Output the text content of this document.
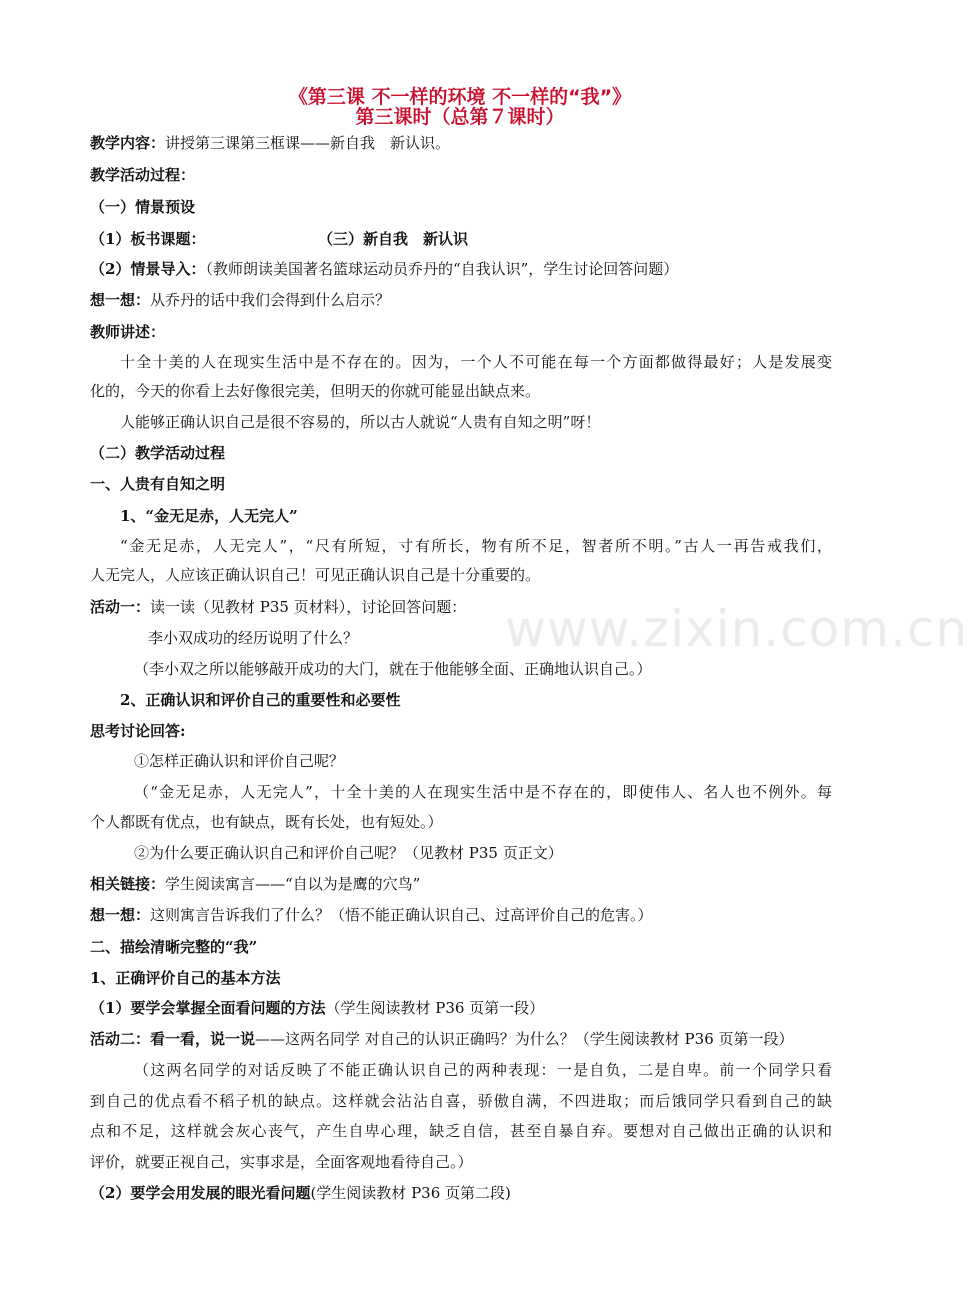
《第三课 不一样的环境 不一样的“我”》
第三课时（总第７课时）
教学内容：讲授第三课第三框课——新自我　新认识。
教学活动过程：
（一）情景预设
（1）板书课题：	（三）新自我　新认识
（2）情景导入：（教师朗读美国著名篮球运动员乔丹的“自我认识”，学生讨论回答问题）
想一想：从乔丹的话中我们会得到什么启示？
教师讲述：
十全十美的人在现实生活中是不存在的。因为，一个人不可能在每一个方面都做得最好；人是发展变
化的，今天的你看上去好像很完美，但明天的你就可能显出缺点来。
人能够正确认识自己是很不容易的，所以古人就说“人贵有自知之明”呀！
（二）教学活动过程
一、人贵有自知之明
1、“金无足赤，人无完人”
“金无足赤，人无完人”，“尺有所短，寸有所长，物有所不足，智者所不明。”古人一再告戒我们，
人无完人，人应该正确认识自己！可见正确认识自己是十分重要的。
活动一：读一读（见教材 P35 页材料），讨论回答问题：
李小双成功的经历说明了什么？
（李小双之所以能够敲开成功的大门，就在于他能够全面、正确地认识自己。）
2、正确认识和评价自己的重要性和必要性
思考讨论回答:
①怎样正确认识和评价自己呢？
（“金无足赤，人无完人”，十全十美的人在现实生活中是不存在的，即使伟人、名人也不例外。每
个人都既有优点，也有缺点，既有长处，也有短处。）
②为什么要正确认识自己和评价自己呢？（见教材 P35 页正文）
相关链接：学生阅读寓言——“自以为是鹰的穴鸟”
想一想：这则寓言告诉我们了什么？（悟不能正确认识自己、过高评价自己的危害。）
二、描绘清晰完整的“我”
1、正确评价自己的基本方法
（1）要学会掌握全面看问题的方法（学生阅读教材 P36 页第一段）
活动二：看一看，说一说——这两名同学 对自己的认识正确吗？为什么？（学生阅读教材 P36 页第一段）
（这两名同学的对话反映了不能正确认识自己的两种表现：一是自负，二是自卑。前一个同学只看
到自己的优点看不稻子机的缺点。这样就会沾沾自喜，骄傲自满，不四进取；而后饿同学只看到自己的缺
点和不足，这样就会灰心丧气，产生自卑心理，缺乏自信，甚至自暴自弃。要想对自己做出正确的认识和
评价，就要正视自己，实事求是，全面客观地看待自己。）
（2）要学会用发展的眼光看问题(学生阅读教材 P36 页第二段)
www.zixin.com.cn
